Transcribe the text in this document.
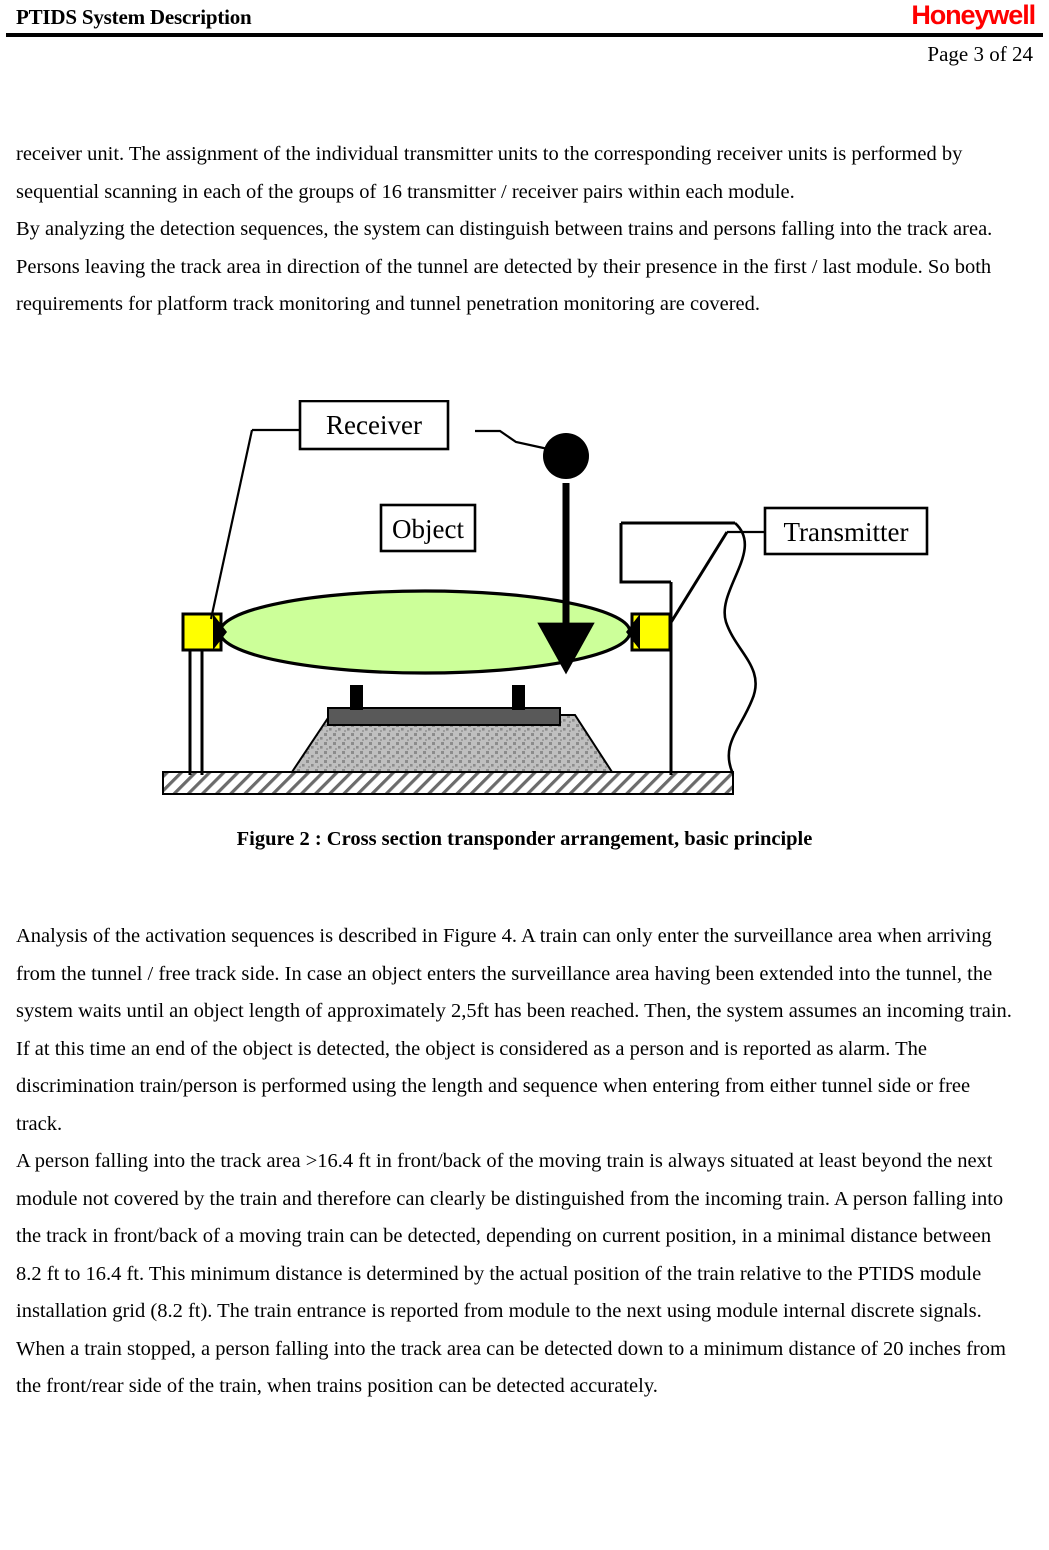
PTIDS System Description	Honeywell
Page 3 of 24

receiver unit. The assignment of the individual transmitter units to the corresponding receiver units is performed by sequential scanning in each of the groups of 16 transmitter / receiver pairs within each module.

By analyzing the detection sequences, the system can distinguish between trains and persons falling into the track area. Persons leaving the track area in direction of the tunnel are detected by their presence in the first / last module. So both requirements for platform track monitoring and tunnel penetration monitoring are covered.

Receiver
Object	Transmitter
Figure 2 : Cross section transponder arrangement, basic principle

Analysis of the activation sequences is described in Figure 4. A train can only enter the surveillance area when arriving from the tunnel / free track side. In case an object enters the surveillance area having been extended into the tunnel, the system waits until an object length of approximately 2,5ft has been reached. Then, the system assumes an incoming train. If at this time an end of the object is detected, the object is considered as a person and is reported as alarm. The discrimination train/person is performed using the length and sequence when entering from either tunnel side or free track.

A person falling into the track area >16.4 ft in front/back of the moving train is always situated at least beyond the next module not covered by the train and therefore can clearly be distinguished from the incoming train. A person falling into the track in front/back of a moving train can be detected, depending on current position, in a minimal distance between 8.2 ft to 16.4 ft. This minimum distance is determined by the actual position of the train relative to the PTIDS module installation grid (8.2 ft). The train entrance is reported from module to the next using module internal discrete signals.

When a train stopped, a person falling into the track area can be detected down to a minimum distance of 20 inches from the front/rear side of the train, when trains position can be detected accurately.
